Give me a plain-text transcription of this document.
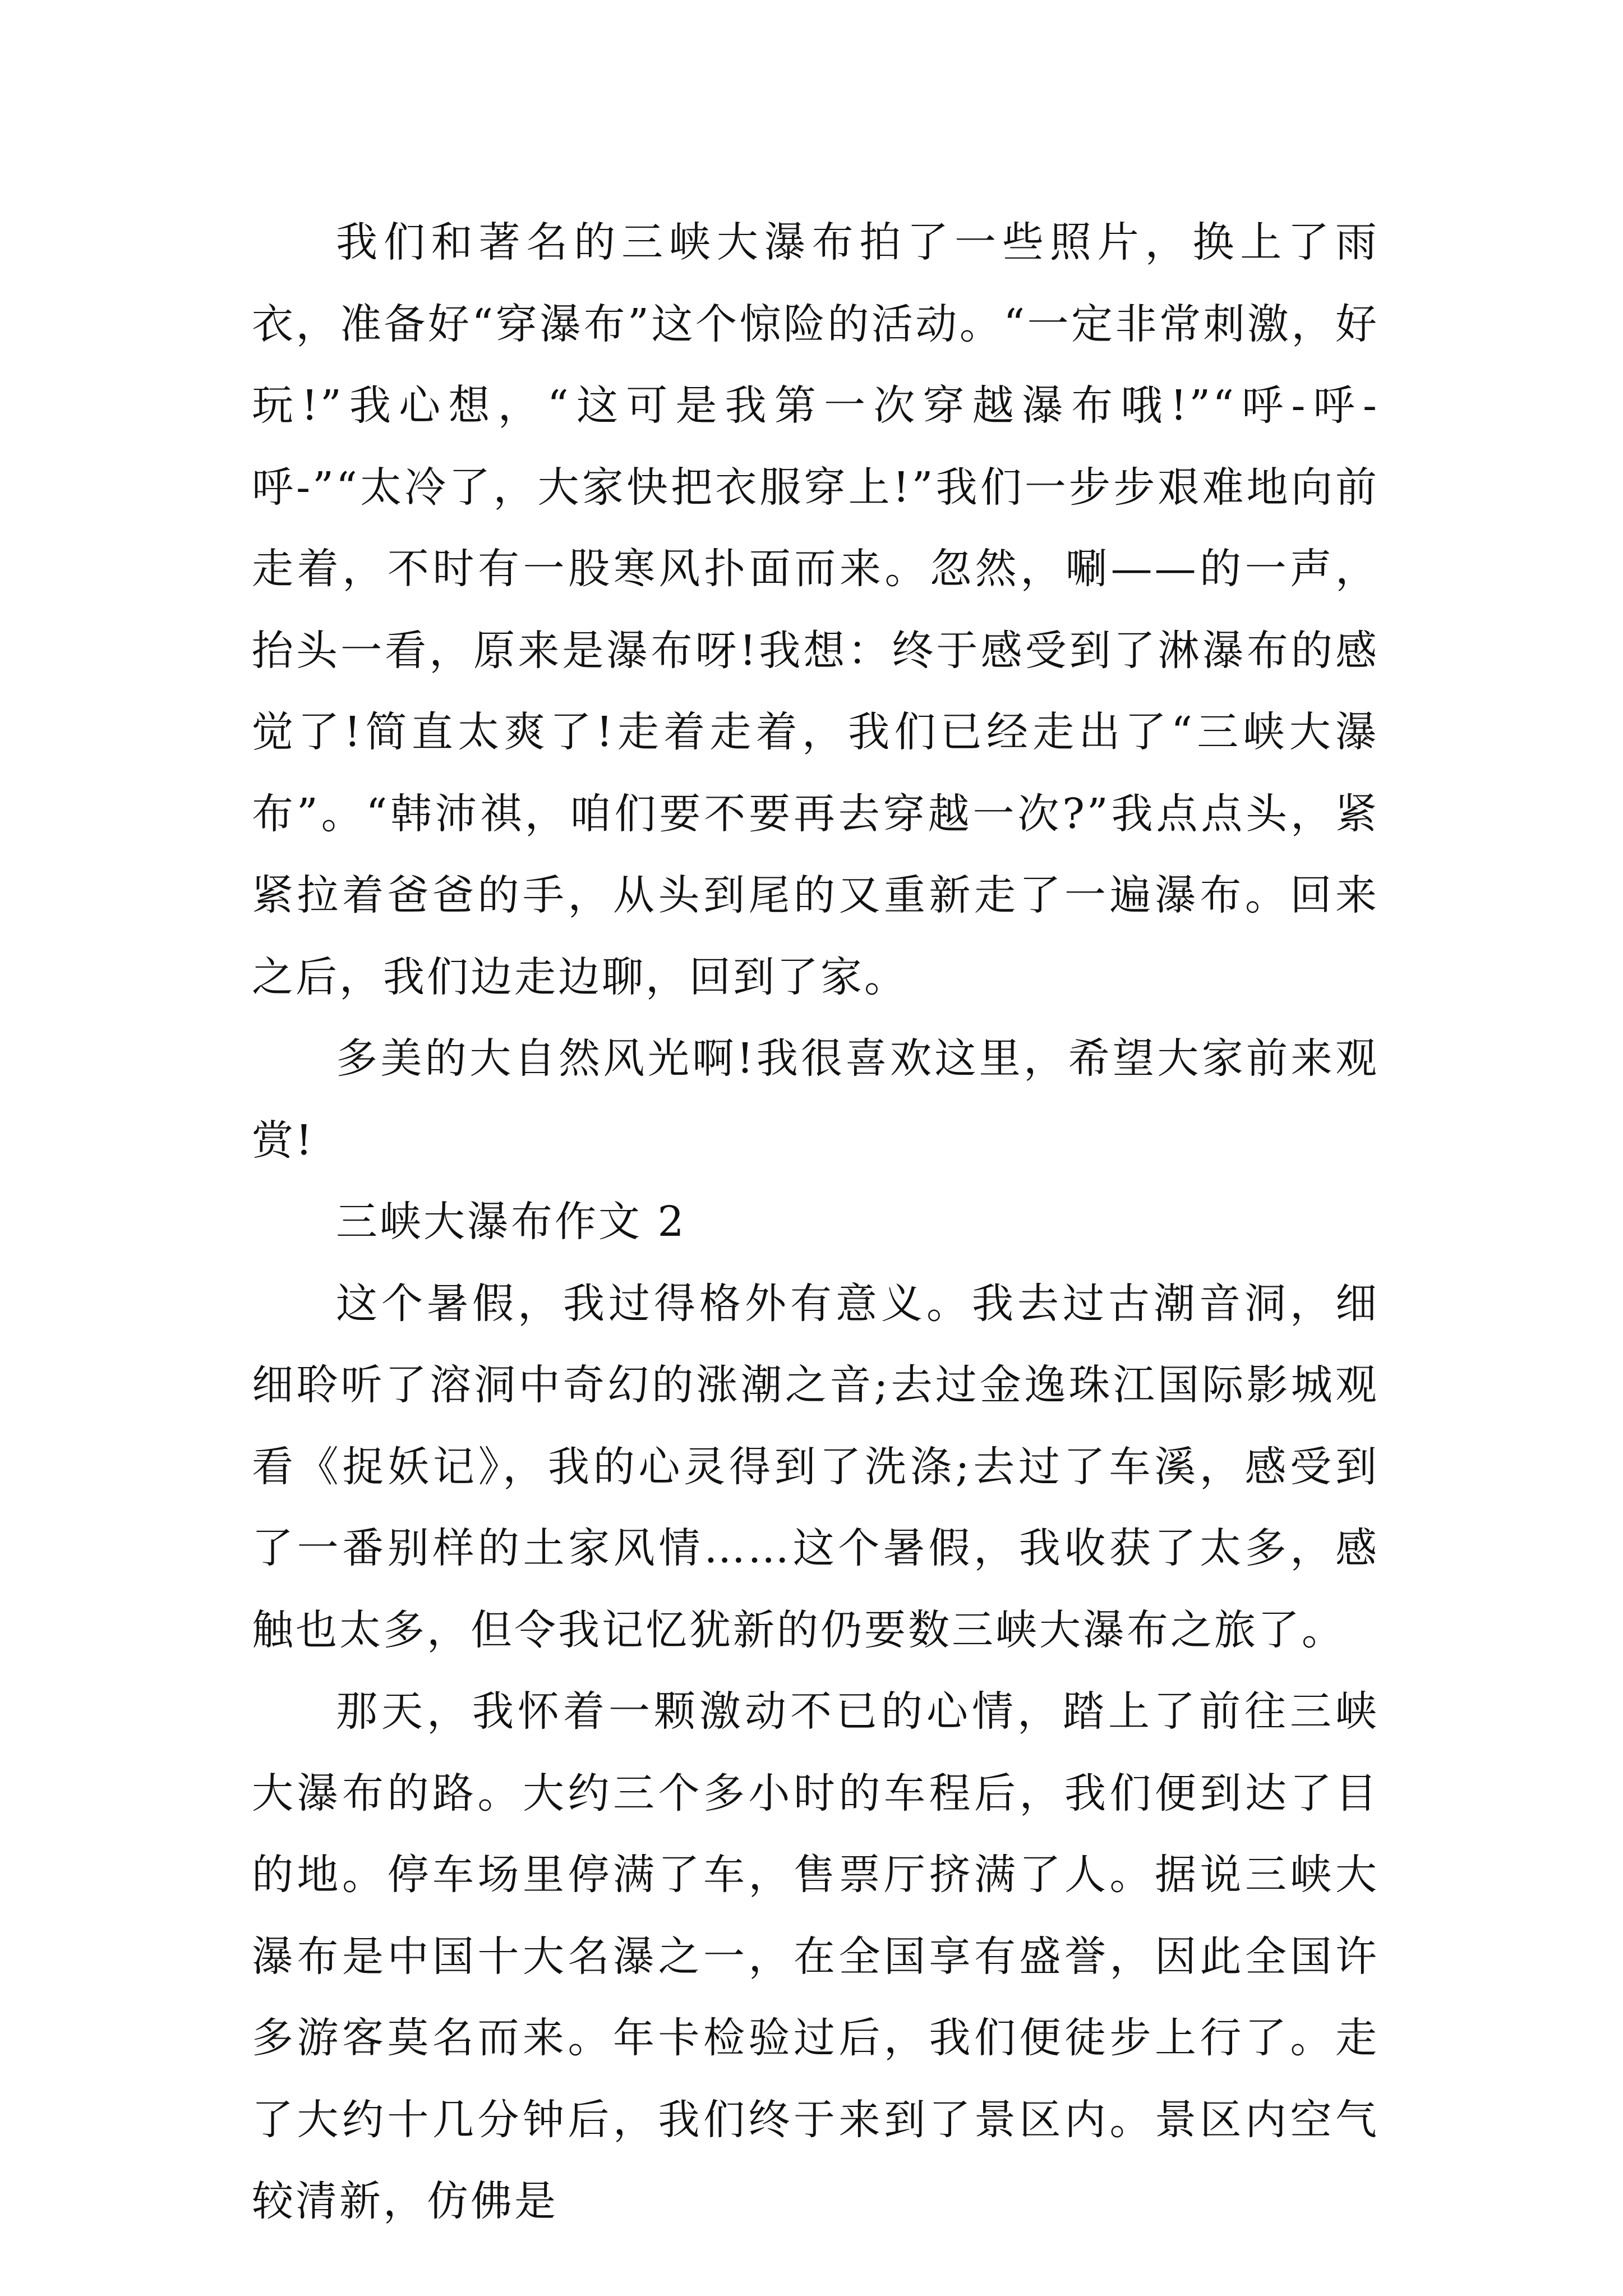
我们和著名的三峡大瀑布拍了一些照片，换上了雨衣，准备好“穿瀑布”这个惊险的活动。“一定非常刺激，好玩!”我心想，“这可是我第一次穿越瀑布哦!”“呼-呼-呼-”“太冷了，大家快把衣服穿上!”我们一步步艰难地向前走着，不时有一股寒风扑面而来。忽然，唰——的一声，抬头一看，原来是瀑布呀!我想：终于感受到了淋瀑布的感觉了!简直太爽了!走着走着，我们已经走出了“三峡大瀑布”。“韩沛祺，咱们要不要再去穿越一次?”我点点头，紧紧拉着爸爸的手，从头到尾的又重新走了一遍瀑布。回来之后，我们边走边聊，回到了家。

多美的大自然风光啊!我很喜欢这里，希望大家前来观赏!

三峡大瀑布作文 2

这个暑假，我过得格外有意义。我去过古潮音洞，细细聆听了溶洞中奇幻的涨潮之音;去过金逸珠江国际影城观看《捉妖记》，我的心灵得到了洗涤;去过了车溪，感受到了一番别样的土家风情……这个暑假，我收获了太多，感触也太多，但令我记忆犹新的仍要数三峡大瀑布之旅了。

那天，我怀着一颗激动不已的心情，踏上了前往三峡大瀑布的路。大约三个多小时的车程后，我们便到达了目的地。停车场里停满了车，售票厅挤满了人。据说三峡大瀑布是中国十大名瀑之一，在全国享有盛誉，因此全国许多游客莫名而来。年卡检验过后，我们便徒步上行了。走了大约十几分钟后，我们终于来到了景区内。景区内空气较清新，仿佛是
